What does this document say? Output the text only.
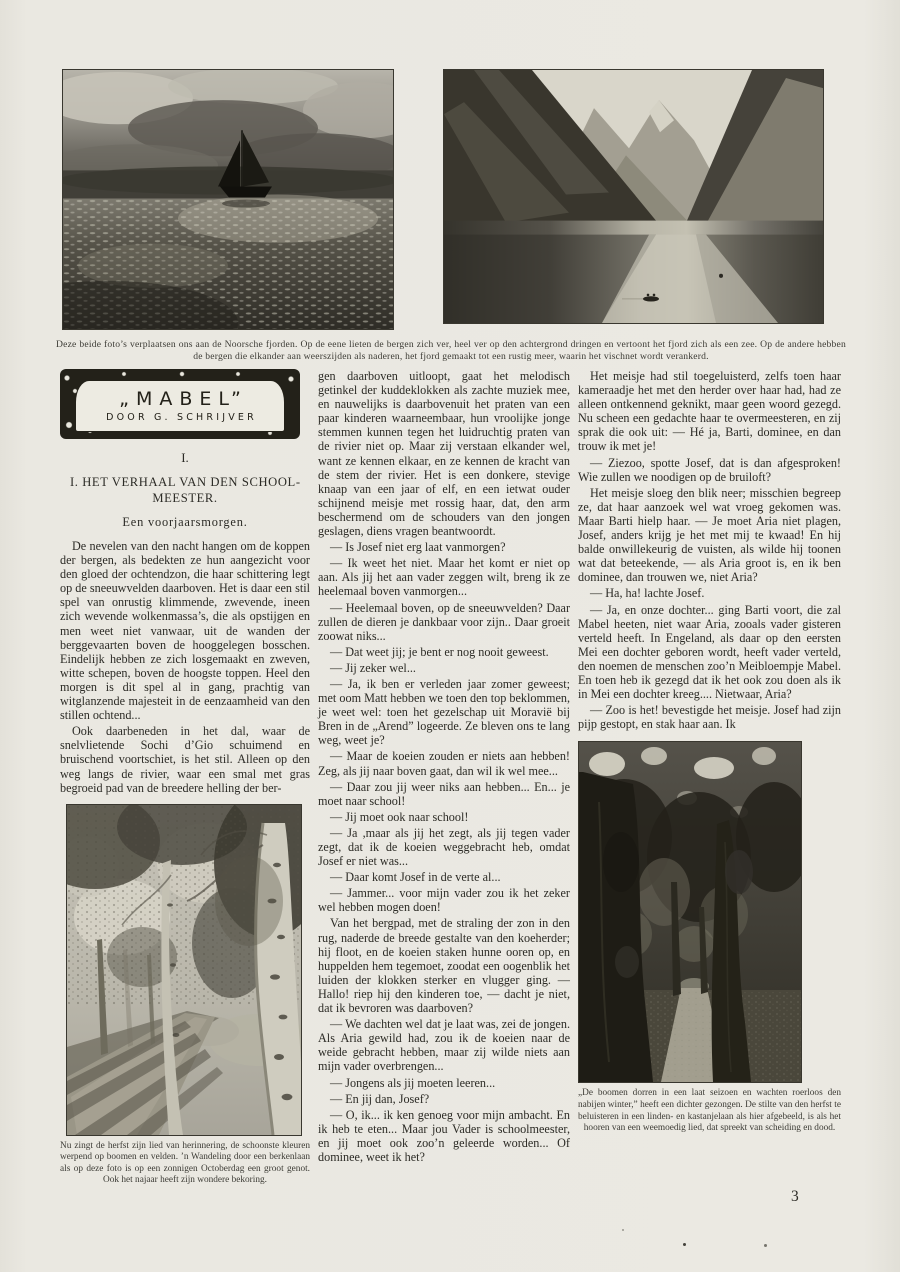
Deze beide foto’s verplaatsen ons aan de Noorsche fjorden. Op de eene lieten de bergen zich ver, heel ver op den achtergrond dringen en vertoont het fjord zich als een zee. Op de andere hebben de bergen die elkander aan weerszijden als naderen, het fjord gemaakt tot een rustig meer, waarin het vischnet wordt verankerd.
„MABEL”
DOOR G. SCHRIJVER
I.
I. HET VERHAAL VAN DEN SCHOOLMEESTER.
Een voorjaarsmorgen.

De nevelen van den nacht hangen om de koppen der bergen, als bedekten ze hun aangezicht voor den gloed der ochtendzon, die haar schittering legt op de sneeuwvelden daarboven. Het is daar een stil spel van onrustig klimmende, zwevende, ineen zich wevende wolkenmassa’s, die als opstijgen en men weet niet vanwaar, uit de wanden der berggevaarten boven de hooggelegen bosschen. Eindelijk hebben ze zich losgemaakt en zweven, witte schepen, boven de hoogste toppen. Heel den morgen is dit spel al in gang, prachtig van witglanzende majesteit in de eenzaamheid van den stillen ochtend...

Ook daarbeneden in het dal, waar de snelvlietende Sochi d’Gio schuimend en bruischend voortschiet, is het stil. Alleen op den weg langs de rivier, waar een smal met gras begroeid pad van de breedere helling der ber-

Nu zingt de herfst zijn lied van herinnering, de schoonste kleuren werpend op boomen en velden. ’n Wandeling door een berkenlaan als op deze foto is op een zonnigen Octoberdag een groot genot. Ook het najaar heeft zijn wondere bekoring.

gen daarboven uitloopt, gaat het melodisch getinkel der kuddeklokken als zachte muziek mee, en nauwelijks is daarbovenuit het praten van een paar kinderen waarneembaar, hun vroolijke jonge stemmen kunnen tegen het luidruchtig praten van de rivier niet op. Maar zij verstaan elkander wel, want ze kennen elkaar, en ze kennen de kracht van de stem der rivier. Het is een donkere, stevige knaap van een jaar of elf, en een ietwat ouder schijnend meisje met rossig haar, dat, den arm beschermend om de schouders van den jongen geslagen, diens vragen beantwoordt.

— Is Josef niet erg laat vanmorgen?

— Ik weet het niet. Maar het komt er niet op aan. Als jij het aan vader zeggen wilt, breng ik ze heelemaal boven vanmorgen...

— Heelemaal boven, op de sneeuwvelden? Daar zullen de dieren je dankbaar voor zijn.. Daar groeit zoowat niks...

— Dat weet jij; je bent er nog nooit geweest.

— Jij zeker wel...

— Ja, ik ben er verleden jaar zomer geweest; met oom Matt hebben we toen den top beklommen, je weet wel: toen het gezelschap uit Moravië bij Bren in de „Arend” logeerde. Ze bleven ons te lang weg, weet je?

— Maar de koeien zouden er niets aan hebben! Zeg, als jij naar boven gaat, dan wil ik wel mee...

— Daar zou jij weer niks aan hebben... En... je moet naar school!

— Jij moet ook naar school!

— Ja ,maar als jij het zegt, als jij tegen vader zegt, dat ik de koeien weggebracht heb, omdat Josef er niet was...

— Daar komt Josef in de verte al...

— Jammer... voor mijn vader zou ik het zeker wel hebben mogen doen!

Van het bergpad, met de straling der zon in den rug, naderde de breede gestalte van den koeherder; hij floot, en de koeien staken hunne ooren op, en huppelden hem tegemoet, zoodat een oogenblik het luiden der klokken sterker en vlugger ging. — Hallo! riep hij den kinderen toe, — dacht je niet, dat ik bevroren was daarboven?

— We dachten wel dat je laat was, zei de jongen. Als Aria gewild had, zou ik de koeien naar de weide gebracht hebben, maar zij wilde niets aan mijn vader overbrengen...

— Jongens als jij moeten leeren...

— En jij dan, Josef?

— O, ik... ik ken genoeg voor mijn ambacht. En ik heb te eten... Maar jou Vader is schoolmeester, en jij moet ook zoo’n geleerde worden... Of dominee, weet ik het?

Het meisje had stil toegeluisterd, zelfs toen haar kameraadje het met den herder over haar had, had ze alleen ontkennend geknikt, maar geen woord gezegd. Nu scheen een gedachte haar te overmeesteren, en zij sprak die ook uit: — Hé ja, Barti, dominee, en dan trouw ik met je!

— Ziezoo, spotte Josef, dat is dan afgesproken! Wie zullen we noodigen op de bruiloft?

Het meisje sloeg den blik neer; misschien begreep ze, dat haar aanzoek wel wat vroeg gekomen was. Maar Barti hielp haar. — Je moet Aria niet plagen, Josef, anders krijg je het met mij te kwaad! En hij balde onwillekeurig de vuisten, als wilde hij toonen wat dat beteekende, — als Aria groot is, en ik ben dominee, dan trouwen we, niet Aria?

— Ha, ha! lachte Josef.

— Ja, en onze dochter... ging Barti voort, die zal Mabel heeten, niet waar Aria, zooals vader gisteren verteld heeft. In Engeland, als daar op den eersten Mei een dochter geboren wordt, heeft vader verteld, den noemen de menschen zoo’n Meibloempje Mabel. En toen heb ik gezegd dat ik het ook zou doen als ik in Mei een dochter kreeg.... Nietwaar, Aria?

— Zoo is het! bevestigde het meisje. Josef had zijn pijp gestopt, en stak haar aan. Ik

„De boomen dorren in een laat seizoen en wachten roerloos den nabijen winter,” heeft een dichter gezongen. De stilte van den herfst te beluisteren in een linden- en kastanjelaan als hier afgebeeld, is als het hooren van een weemoedig lied, dat spreekt van scheiding en dood.
3
